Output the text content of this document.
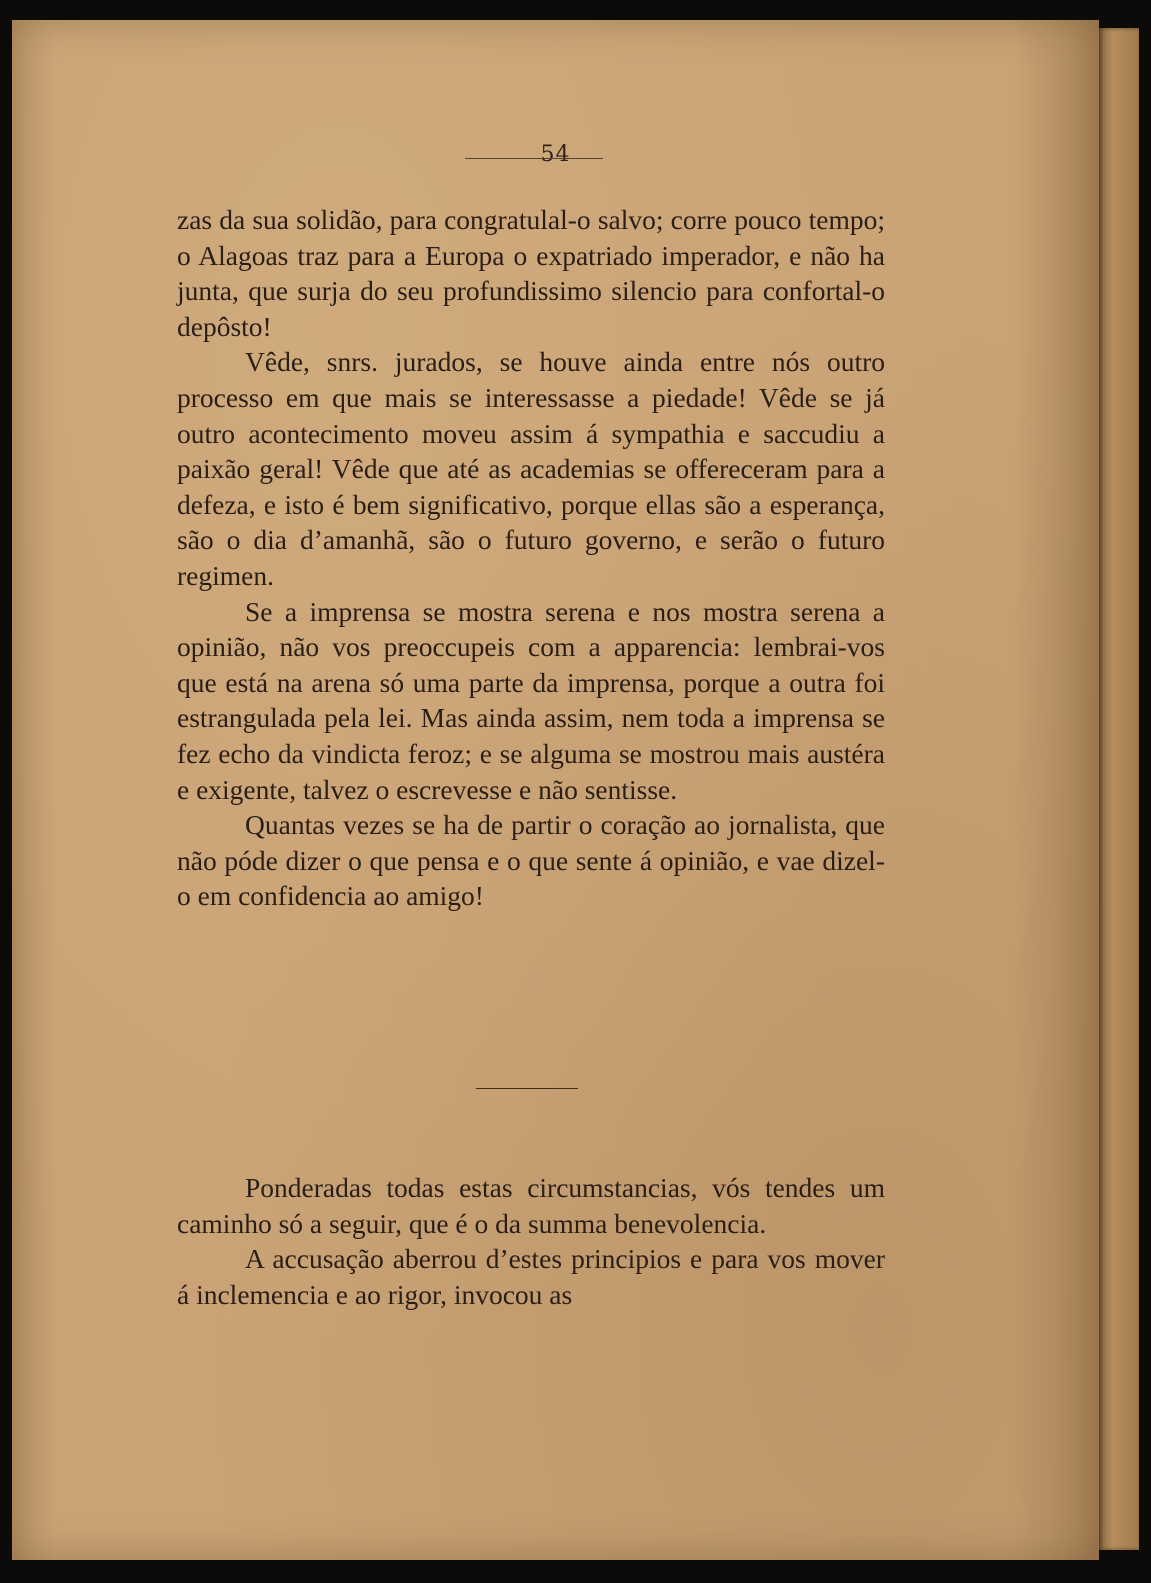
54

zas da sua solidão, para congratulal-o salvo; corre pouco tempo; o Alagoas traz para a Europa o expatriado imperador, e não ha junta, que surja do seu profundissimo silencio para confortal-o depôsto!

Vêde, snrs. jurados, se houve ainda entre nós outro processo em que mais se interessasse a piedade! Vêde se já outro acontecimento moveu assim á sympathia e saccudiu a paixão geral! Vêde que até as academias se offereceram para a defeza, e isto é bem significativo, porque ellas são a esperança, são o dia d’amanhã, são o futuro governo, e serão o futuro regimen.

Se a imprensa se mostra serena e nos mostra serena a opinião, não vos preoccupeis com a apparencia: lembrai-vos que está na arena só uma parte da imprensa, porque a outra foi estrangulada pela lei. Mas ainda assim, nem toda a imprensa se fez echo da vindicta feroz; e se alguma se mostrou mais austéra e exigente, talvez o escrevesse e não sentisse.

Quantas vezes se ha de partir o coração ao jornalista, que não póde dizer o que pensa e o que sente á opinião, e vae dizel-o em confidencia ao amigo!

Ponderadas todas estas circumstancias, vós tendes um caminho só a seguir, que é o da summa benevolencia.

A accusação aberrou d’estes principios e para vos mover á inclemencia e ao rigor, invocou as
